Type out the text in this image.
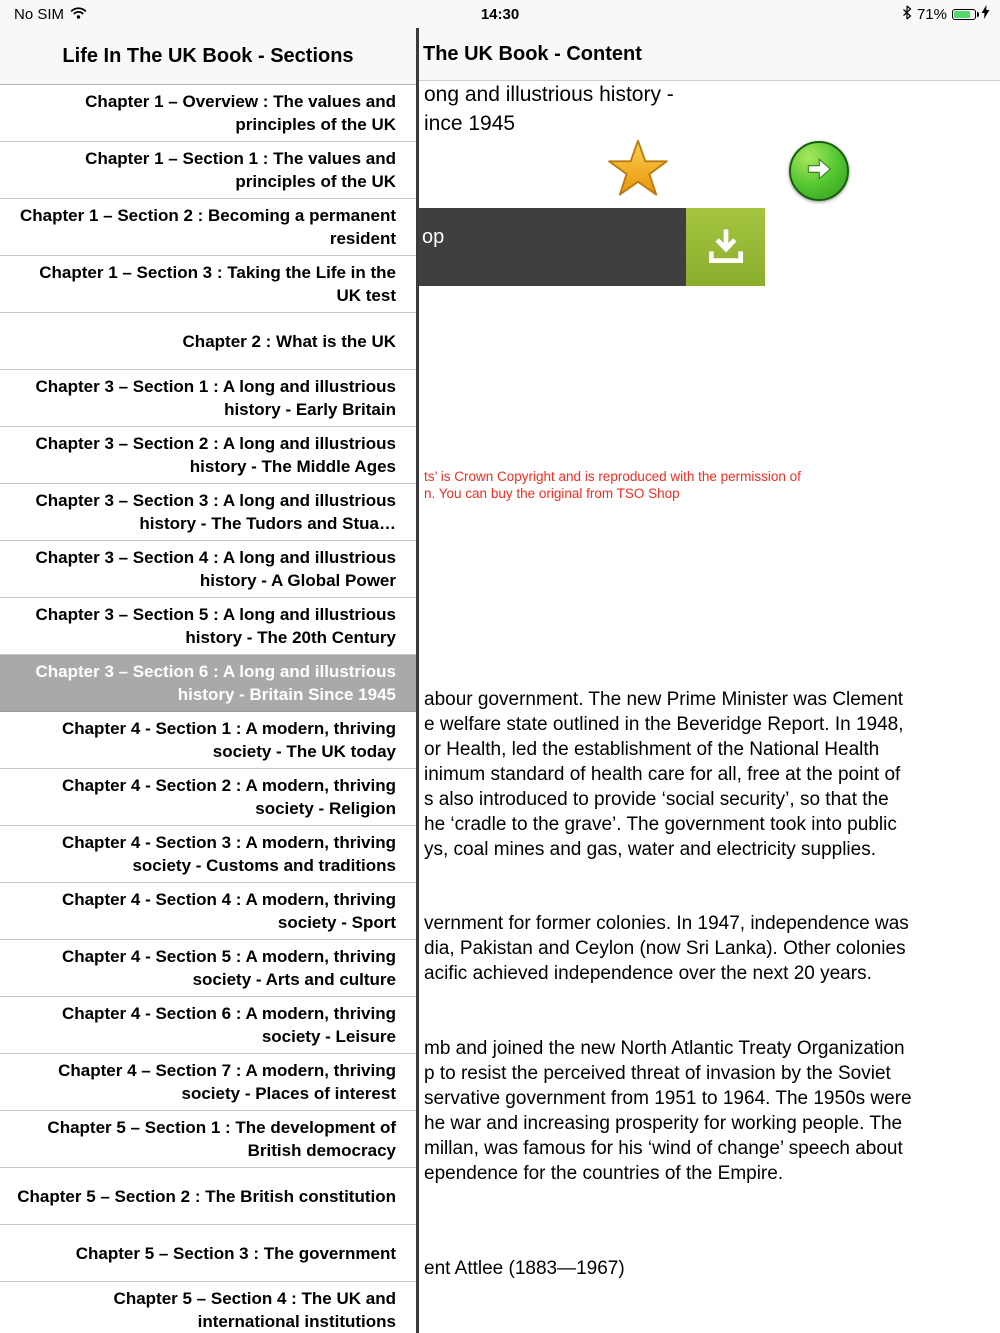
ong and illustrious history -
ince 1945
op
ts’ is Crown Copyright and is reproduced with the permission of
n. You can buy the original from TSO Shop
abour government. The new Prime Minister was Clement
e welfare state outlined in the Beveridge Report. In 1948,
or Health, led the establishment of the National Health
inimum standard of health care for all, free at the point of
s also introduced to provide ‘social security’, so that the
he ‘cradle to the grave’. The government took into public
ys, coal mines and gas, water and electricity supplies.
vernment for former colonies. In 1947, independence was
dia, Pakistan and Ceylon (now Sri Lanka). Other colonies
acific achieved independence over the next 20 years.
mb and joined the new North Atlantic Treaty Organization
p to resist the perceived threat of invasion by the Soviet
servative government from 1951 to 1964. The 1950s were
he war and increasing prosperity for working people. The
millan, was famous for his ‘wind of change’ speech about
ependence for the countries of the Empire.
ent Attlee (1883—1967)
The UK Book - Content
No SIM	14:30	71%
Life In The UK Book - Sections
Chapter 1 – Overview : The values and principles of the UK
Chapter 1 – Section 1 : The values and principles of the UK
Chapter 1 – Section 2 : Becoming a permanent resident
Chapter 1 – Section 3 : Taking the Life in the UK test
Chapter 2 : What is the UK
Chapter 3 – Section 1 : A long and illustrious history - Early Britain
Chapter 3 – Section 2 : A long and illustrious history - The Middle Ages
Chapter 3 – Section 3 : A long and illustrious history - The Tudors and Stua…
Chapter 3 – Section 4 : A long and illustrious history - A Global Power
Chapter 3 – Section 5 : A long and illustrious history - The 20th Century
Chapter 3 – Section 6 : A long and illustrious history - Britain Since 1945
Chapter 4 - Section 1 : A modern, thriving society - The UK today
Chapter 4 - Section 2 : A modern, thriving society - Religion
Chapter 4 - Section 3 : A modern, thriving society - Customs and traditions
Chapter 4 - Section 4 : A modern, thriving society - Sport
Chapter 4 - Section 5 : A modern, thriving society - Arts and culture
Chapter 4 - Section 6 : A modern, thriving society - Leisure
Chapter 4 – Section 7 : A modern, thriving society - Places of interest
Chapter 5 – Section 1 : The development of British democracy
Chapter 5 – Section 2 : The British constitution
Chapter 5 – Section 3 : The government
Chapter 5 – Section 4 : The UK and international institutions
